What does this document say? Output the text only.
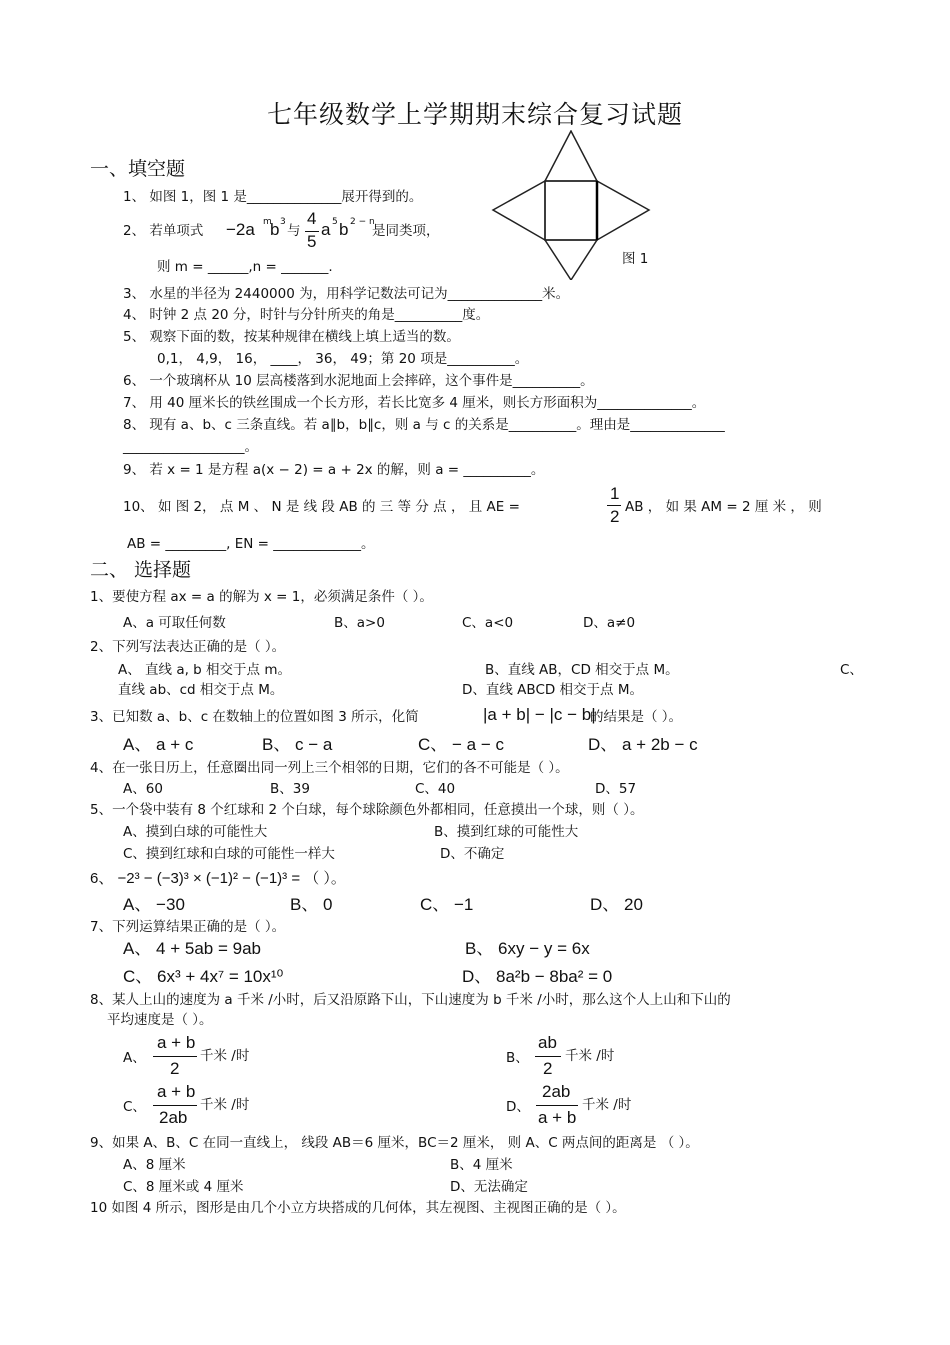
七年级数学上学期期末综合复习试题
图 1
一、填空题
1、 如图 1，图 1 是______________展开得到的。
2、 若单项式 −2a m
b 3
与
4
5
a 5 b 2 − n
是同类项，
则 m = ______,n = _______.
3、 水星的半径为 2440000 为，用科学记数法可记为______________米。
4、 时钟 2 点 20 分，时针与分针所夹的角是__________度。
5、 观察下面的数，按某种规律在横线上填上适当的数。
0,1， 4,9， 16， ____， 36， 49；第 20 项是__________。
6、 一个玻璃杯从 10 层高楼落到水泥地面上会摔碎，这个事件是__________。
7、 用 40 厘米长的铁丝围成一个长方形，若长比宽多 4 厘米，则长方形面积为______________。
8、 现有 a、b、c 三条直线。若 a∥b，b∥c，则 a 与 c 的关系是__________。理由是______________
__________________。
9、 若 x = 1 是方程 a(x − 2) = a + 2x 的解，则 a = __________。
10、 如 图 2， 点 M 、 N 是 线 段 AB 的 三 等 分 点 ， 且 AE =
1
2 AB ， 如 果 AM = 2 厘 米 ， 则
AB = _________, EN = _____________。
二、 选择题
1、要使方程 ax = a 的解为 x = 1，必须满足条件（ ）。
A、a 可取任何数	B、a>0	C、a<0	D、a≠0
2、下列写法表达正确的是（ ）。
A、 直线 a, b 相交于点 m。	B、直线 AB，CD 相交于点 M。	C、
直线 ab、cd 相交于点 M。	D、直线 ABCD 相交于点 M。
3、已知数 a、b、c 在数轴上的位置如图 3 所示，化简	|a + b| − |c − b|
的结果是（ ）。
A、 a + c	B、 c − a	C、 − a − c	D、 a + 2b − c
4、在一张日历上，任意圈出同一列上三个相邻的日期，它们的各不可能是（ ）。
A、60	B、39	C、40	D、57
5、一个袋中装有 8 个红球和 2 个白球，每个球除颜色外都相同，任意摸出一个球，则（ ）。
A、摸到白球的可能性大	B、摸到红球的可能性大
C、摸到红球和白球的可能性一样大	D、不确定
6、 −2³ − (−3)³ × (−1)² − (−1)³ = （ ）。
A、 −30	B、 0	C、 −1	D、 20
7、下列运算结果正确的是（ ）。
A、 4 + 5ab = 9ab	B、 6xy − y = 6x
C、 6x³ + 4x⁷ = 10x¹⁰	D、 8a²b − 8ba² = 0
8、某人上山的速度为 a 千米 /小时，后又沿原路下山，下山速度为 b 千米 /小时，那么这个人上山和下山的
平均速度是（ ）。
A、
a + b
2
千米 /时	B、
ab
2
千米 /时
C、
a + b
2ab
千米 /时	D、
2ab
a + b
千米 /时
9、如果 A、B、C 在同一直线上， 线段 AB＝6 厘米，BC＝2 厘米， 则 A、C 两点间的距离是 （ ）。
A、8 厘米	B、4 厘米
C、8 厘米或 4 厘米	D、无法确定
10 如图 4 所示，图形是由几个小立方块搭成的几何体，其左视图、主视图正确的是（ ）。
